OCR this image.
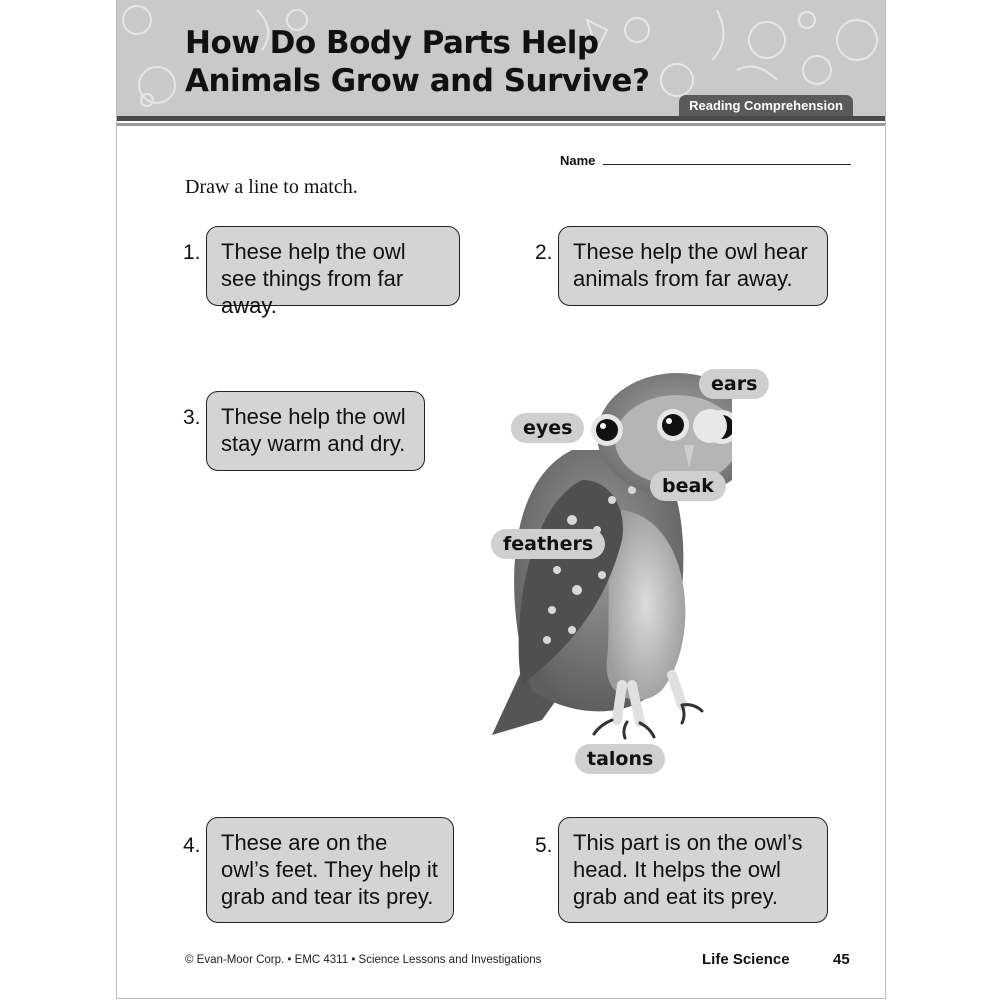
How Do Body Parts Help
Animals Grow and Survive?
Reading Comprehension
Name
Draw a line to match.
1. These help the owl see things from far away.
2. These help the owl hear animals from far away.
3. These help the owl stay warm and dry.
ears
eyes
beak
feathers
talons
4. These are on the owl’s feet. They help it grab and tear its prey.
5. This part is on the owl’s head. It helps the owl grab and eat its prey.
© Evan-Moor Corp. • EMC 4311 • Science Lessons and Investigations	Life Science	45
